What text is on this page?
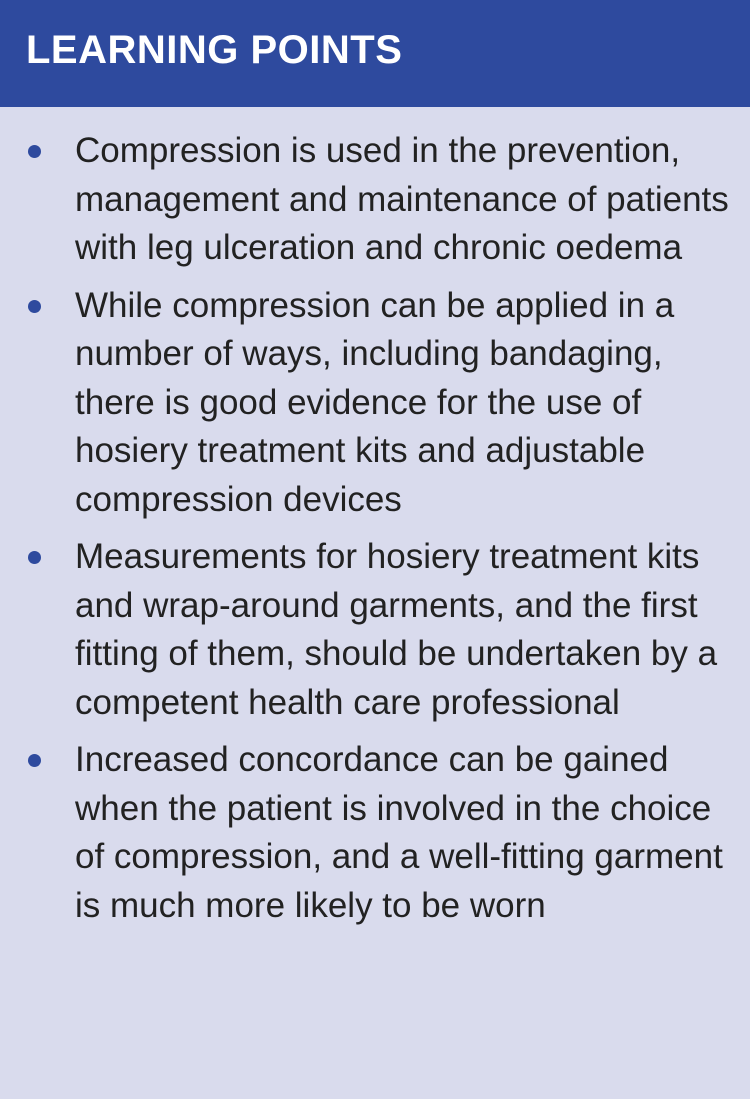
LEARNING POINTS
Compression is used in the prevention, management and maintenance of patients with leg ulceration and chronic oedema
While compression can be applied in a number of ways, including bandaging, there is good evidence for the use of hosiery treatment kits and adjustable compression devices
Measurements for hosiery treatment kits and wrap-around garments, and the first fitting of them, should be undertaken by a competent health care professional
Increased concordance can be gained when the patient is involved in the choice of compression, and a well-fitting garment is much more likely to be worn
